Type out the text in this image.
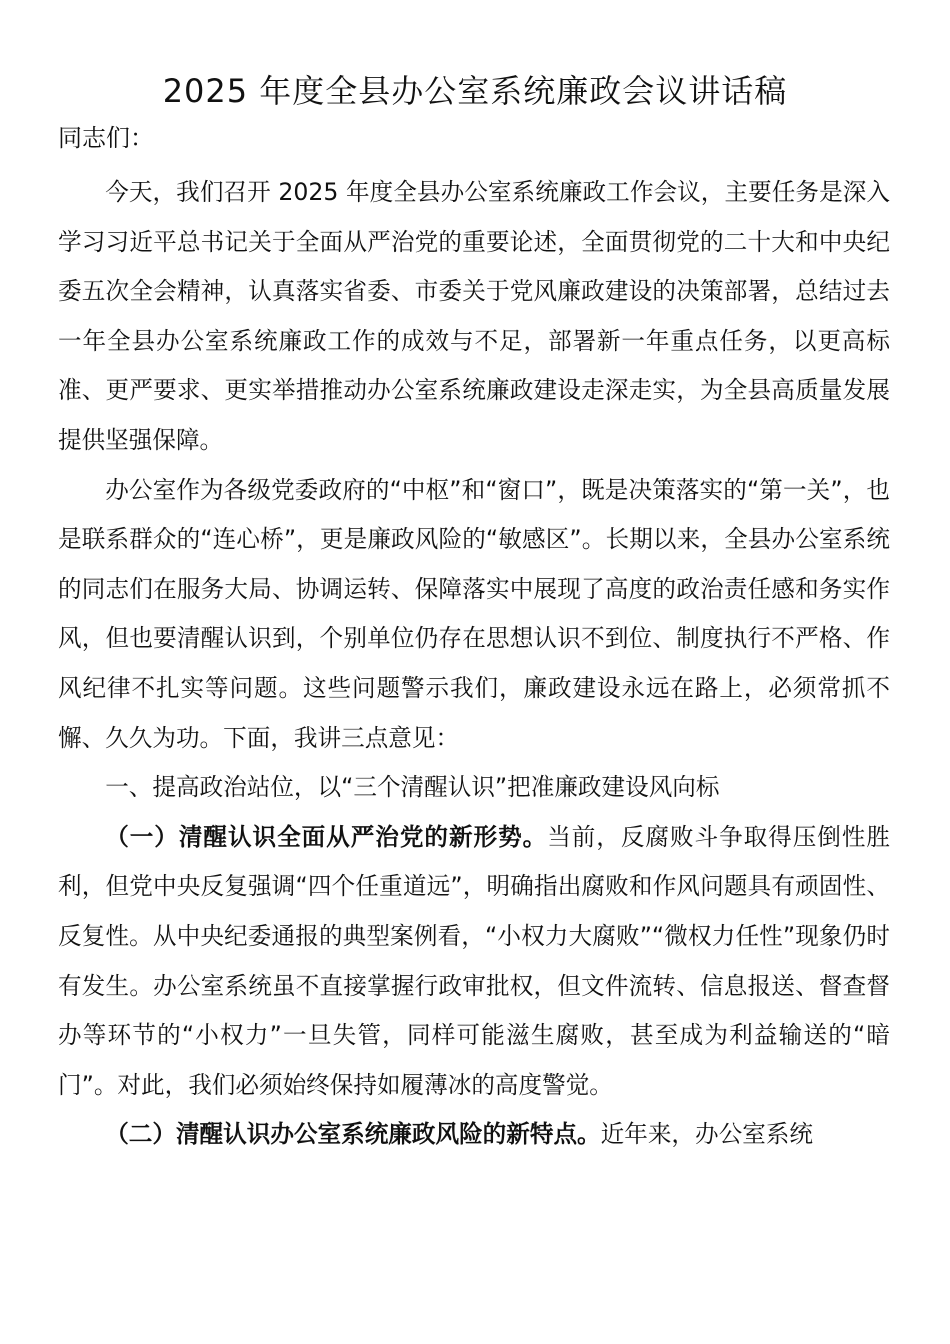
2025 年度全县办公室系统廉政会议讲话稿
同志们：

今天，我们召开 2025 年度全县办公室系统廉政工作会议，主要任务是深入学习习近平总书记关于全面从严治党的重要论述，全面贯彻党的二十大和中央纪委五次全会精神，认真落实省委、市委关于党风廉政建设的决策部署，总结过去一年全县办公室系统廉政工作的成效与不足，部署新一年重点任务，以更高标准、更严要求、更实举措推动办公室系统廉政建设走深走实，为全县高质量发展提供坚强保障。

办公室作为各级党委政府的“中枢”和“窗口”，既是决策落实的“第一关”，也是联系群众的“连心桥”，更是廉政风险的“敏感区”。长期以来，全县办公室系统的同志们在服务大局、协调运转、保障落实中展现了高度的政治责任感和务实作风，但也要清醒认识到，个别单位仍存在思想认识不到位、制度执行不严格、作风纪律不扎实等问题。这些问题警示我们，廉政建设永远在路上，必须常抓不懈、久久为功。下面，我讲三点意见：

一、提高政治站位，以“三个清醒认识”把准廉政建设风向标

（一）清醒认识全面从严治党的新形势。当前，反腐败斗争取得压倒性胜利，但党中央反复强调“四个任重道远”，明确指出腐败和作风问题具有顽固性、反复性。从中央纪委通报的典型案例看，“小权力大腐败”“微权力任性”现象仍时有发生。办公室系统虽不直接掌握行政审批权，但文件流转、信息报送、督查督办等环节的“小权力”一旦失管，同样可能滋生腐败，甚至成为利益输送的“暗门”。对此，我们必须始终保持如履薄冰的高度警觉。

（二）清醒认识办公室系统廉政风险的新特点。近年来，办公室系统
